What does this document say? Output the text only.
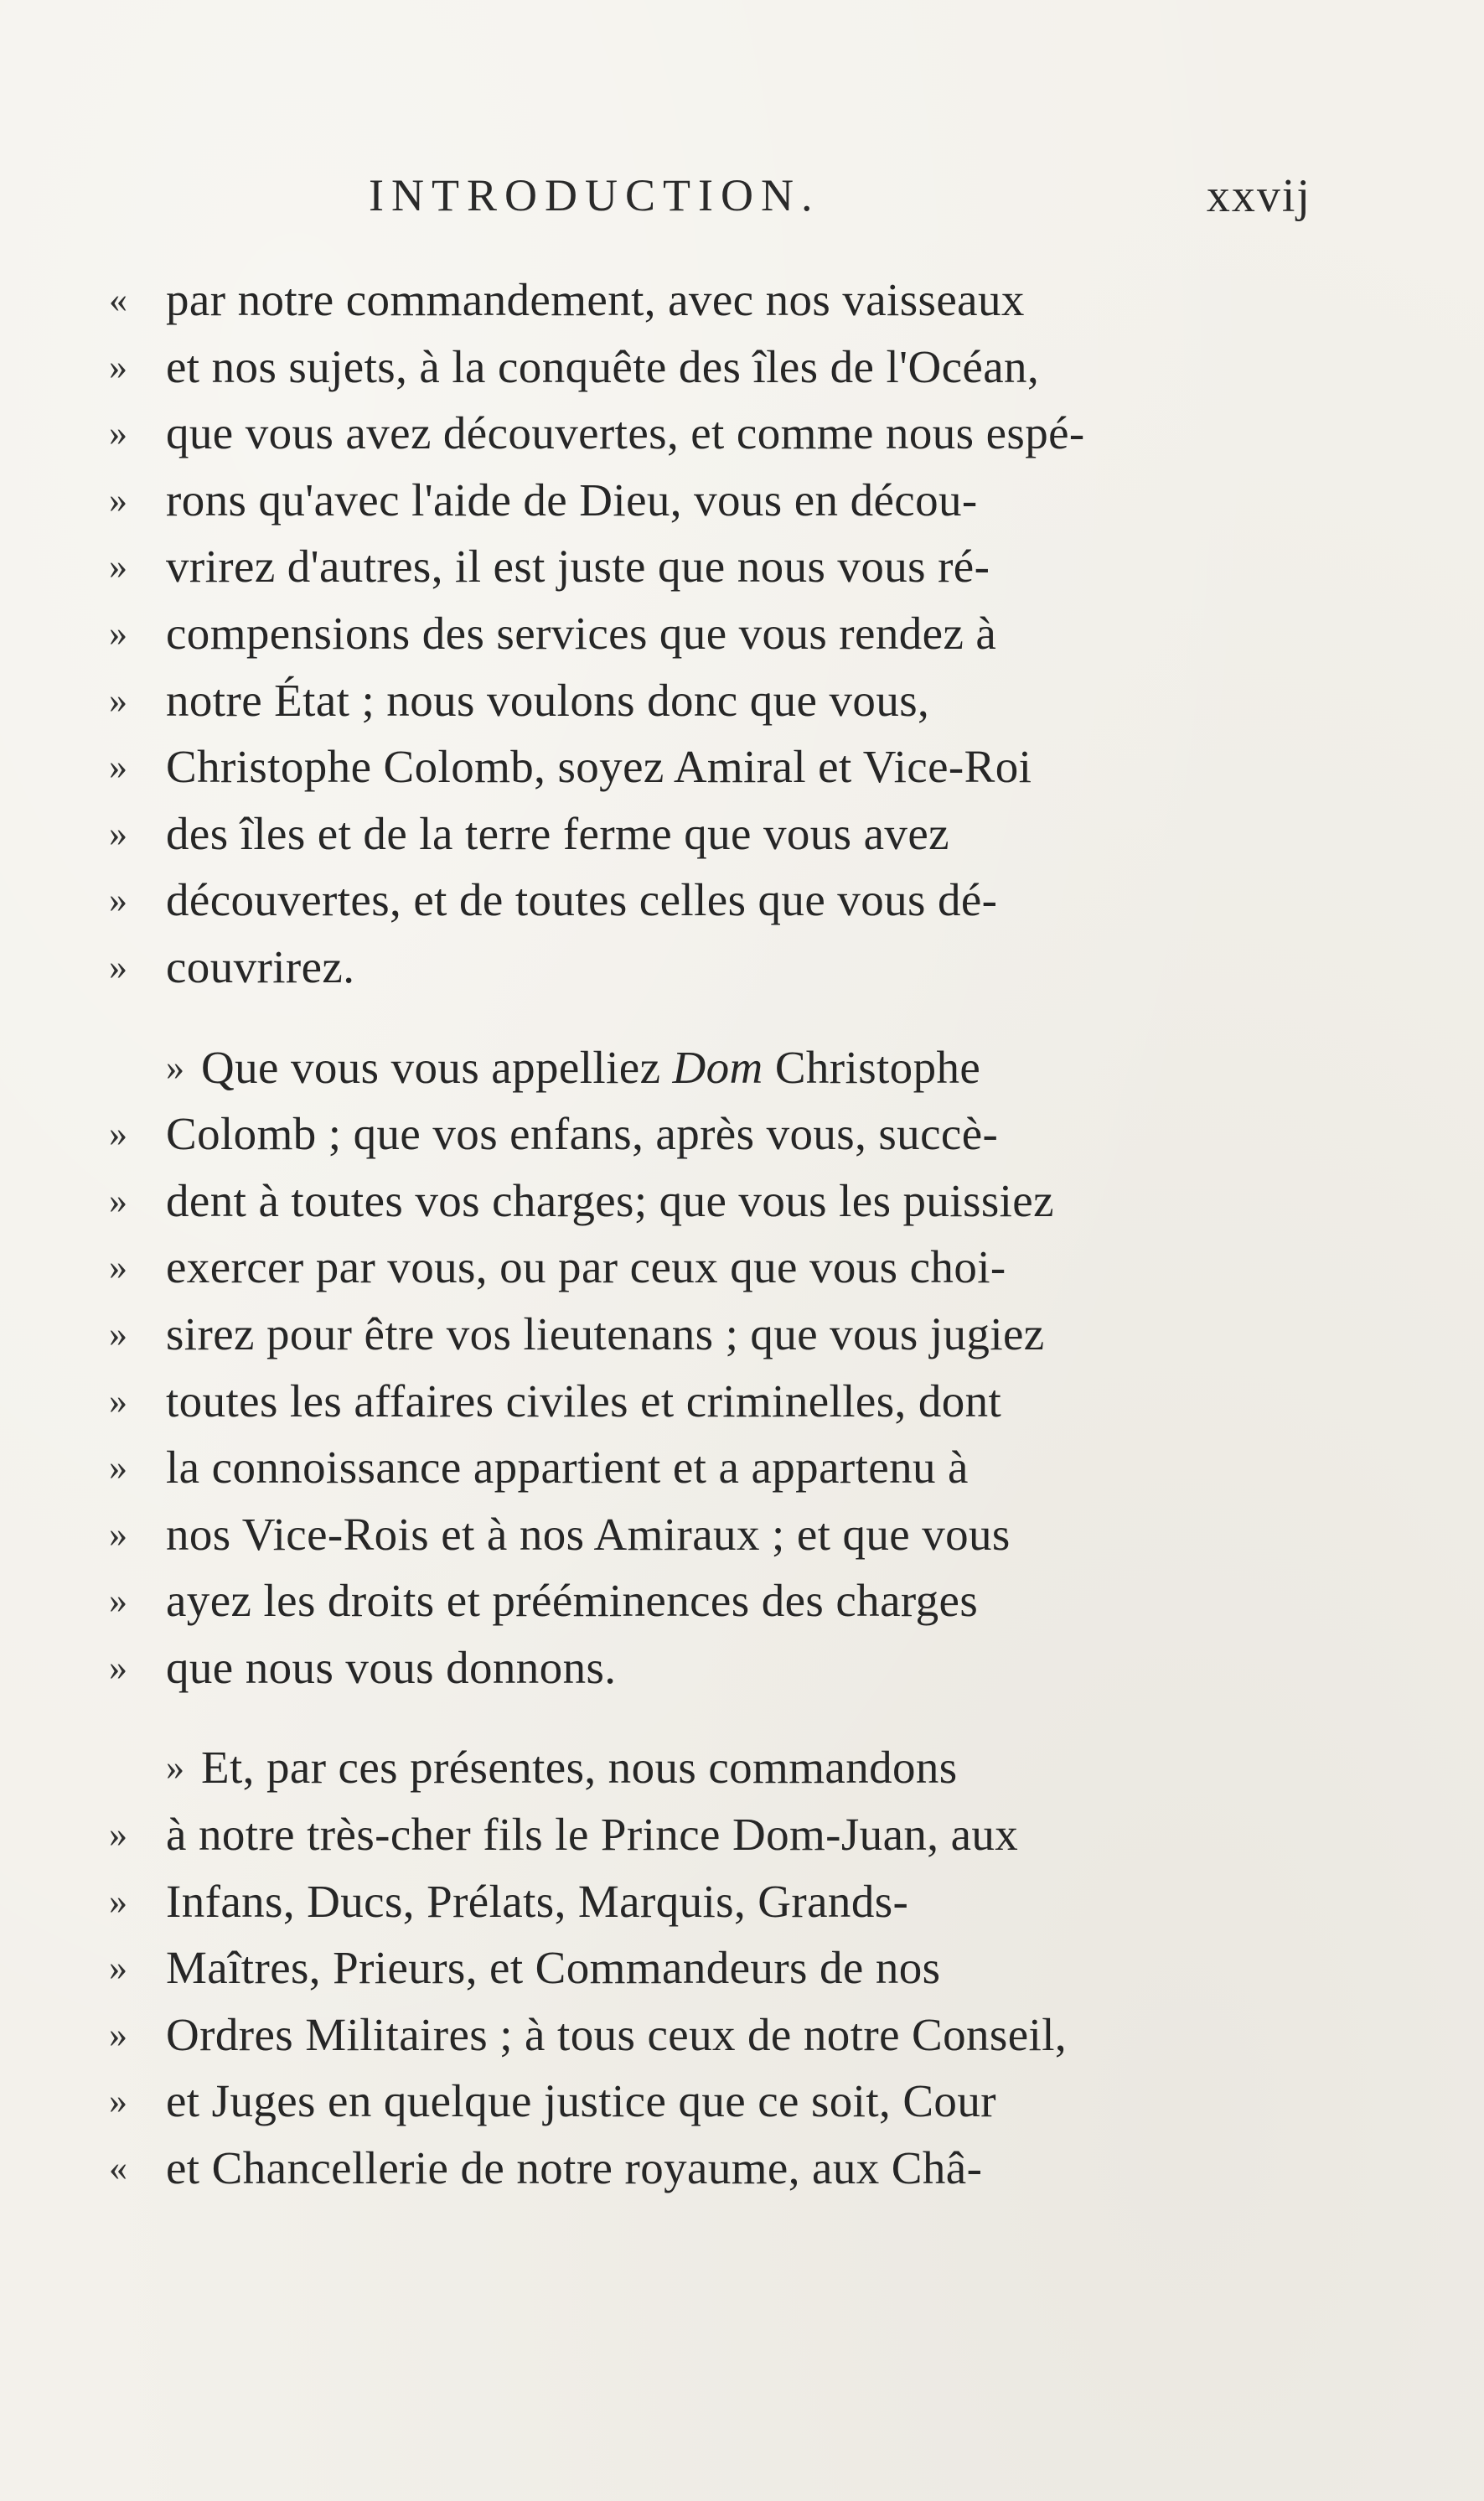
INTRODUCTION.	xxvij
« par notre commandement, avec nos vaisseaux
» et nos sujets, à la conquête des îles de l'Océan,
» que vous avez découvertes, et comme nous espé-
» rons qu'avec l'aide de Dieu, vous en décou-
» vrirez d'autres, il est juste que nous vous ré-
» compensions des services que vous rendez à
» notre État ; nous voulons donc que vous,
» Christophe Colomb, soyez Amiral et Vice-Roi
» des îles et de la terre ferme que vous avez
» découvertes, et de toutes celles que vous dé-
» couvrirez.
» Que vous vous appelliez Dom Christophe
» Colomb ; que vos enfans, après vous, succè-
» dent à toutes vos charges; que vous les puissiez
» exercer par vous, ou par ceux que vous choi-
» sirez pour être vos lieutenans ; que vous jugiez
» toutes les affaires civiles et criminelles, dont
» la connoissance appartient et a appartenu à
» nos Vice-Rois et à nos Amiraux ; et que vous
» ayez les droits et prééminences des charges
» que nous vous donnons.
» Et, par ces présentes, nous commandons
» à notre très-cher fils le Prince Dom-Juan, aux
» Infans, Ducs, Prélats, Marquis, Grands-
» Maîtres, Prieurs, et Commandeurs de nos
» Ordres Militaires ; à tous ceux de notre Conseil,
» et Juges en quelque justice que ce soit, Cour
« et Chancellerie de notre royaume, aux Châ-
